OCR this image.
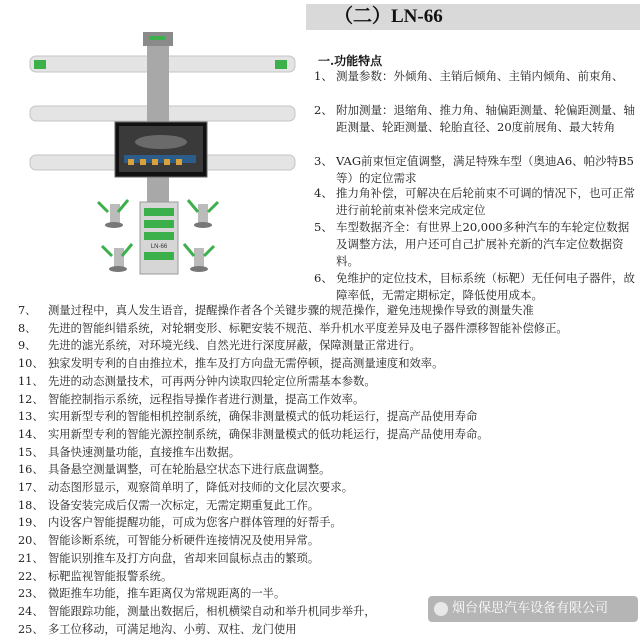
（二）LN-66
LN-66
一.功能特点
1、 测量参数：外倾角、主销后倾角、主销内倾角、前束角、
2、 附加测量：退缩角、推力角、轴偏距测量、轮偏距测量、轴距测量、轮距测量、轮胎直径、20度前展角、最大转角
3、 VAG前束恒定值调整，满足特殊车型（奥迪A6、帕沙特B5等）的定位需求
4、 推力角补偿，可解决在后轮前束不可调的情况下，也可正常进行前轮前束补偿来完成定位
5、 车型数据齐全：有世界上20,000多种汽车的车轮定位数据及调整方法，用户还可自己扩展补充新的汽车定位数据资料。
6、 免维护的定位技术，目标系统（标靶）无任何电子器件，故障率低，无需定期标定，降低使用成本。
7、 测量过程中，真人发生语音，提醒操作者各个关键步骤的规范操作，避免违规操作导致的测量失准
8、 先进的智能纠错系统，对轮辋变形、标靶安装不规范、举升机水平度差异及电子器件漂移智能补偿修正。
9、 先进的滤光系统，对环境光线、自然光进行深度屏蔽，保障测量正常进行。
10、 独家发明专利的自由推拉术，推车及打方向盘无需停顿，提高测量速度和效率。
11、 先进的动态测量技术，可再两分钟内读取四轮定位所需基本参数。
12、 智能控制指示系统，远程指导操作者进行测量，提高工作效率。
13、 实用新型专利的智能相机控制系统，确保非测量模式的低功耗运行，提高产品使用寿命
14、 实用新型专利的智能光源控制系统，确保非测量模式的低功耗运行，提高产品使用寿命。
15、 具备快速测量功能，直接推车出数据。
16、 具备悬空测量调整，可在轮胎悬空状态下进行底盘调整。
17、 动态图形显示，观察简单明了，降低对技师的文化层次要求。
18、 设备安装完成后仅需一次标定，无需定期重复此工作。
19、 内设客户智能提醒功能，可成为您客户群体管理的好帮手。
20、 智能诊断系统，可智能分析硬件连接情况及使用异常。
21、 智能识别推车及打方向盘，省却来回鼠标点击的繁琐。
22、 标靶监视智能报警系统。
23、 微距推车功能，推车距离仅为常规距离的一半。
24、 智能跟踪功能，测量出数据后，相机横梁自动和举升机同步举升，
25、 多工位移动，可满足地沟、小剪、双柱、龙门使用
烟台保思汽车设备有限公司
